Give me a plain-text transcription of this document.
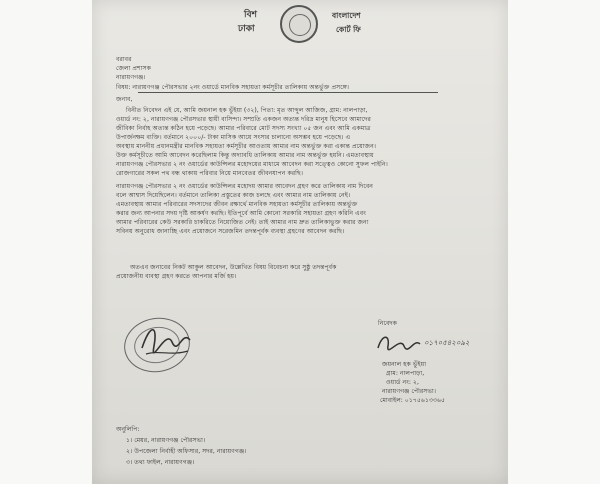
বিশ
ঢাকা
বাংলাদেশ
কোর্ট ফি
বরাবর
জেলা প্রশাসক
নারায়ণগঞ্জ।
বিষয়: নারায়ণগঞ্জ পৌরসভার ২নং ওয়ার্ডে মানবিক সহায়তা কর্মসূচীর তালিকায় অন্তর্ভুক্ত প্রসঙ্গে।
জনাব,
বিনীত নিবেদন এই যে, আমি জয়নাল হক ভুঁইয়া (৩২), পিতা: মৃত আব্দুল আজিজ, গ্রাম: নালপাড়া,
ওয়ার্ড নং: ২, নারায়ণগঞ্জ পৌরসভার স্থায়ী বাসিন্দা। সম্প্রতি একজন অত্যন্ত দরিদ্র মানুষ হিসেবে আমাদের
জীবিকা নির্বাহ অত্যন্ত কঠিন হয়ে পড়েছে। আমার পরিবারে মোট সদস্য সংখ্যা ০৫ জন এবং আমি একমাত্র
উপার্জনক্ষম ব্যক্তি। বর্তমানে ২০০০/- টাকা মাসিক আয়ে সংসার চালানো অসম্ভব হয়ে পড়েছে। এ
অবস্থায় মাননীয় প্রধানমন্ত্রীর মানবিক সহায়তা কর্মসূচীর আওতায় আমার নাম অন্তর্ভুক্ত করা একান্ত প্রয়োজন।
উক্ত কর্মসূচীতে আমি আবেদন করেছিলাম কিন্তু অদ্যাবধি তালিকায় আমার নাম অন্তর্ভুক্ত হয়নি। এমতাবস্থায়
নারায়ণগঞ্জ পৌরসভার ২ নং ওয়ার্ডের কাউন্সিলর মহোদয়ের মাধ্যমে আবেদন করা সত্ত্বেও কোনো সুফল পাইনি।
রোজগারের সকল পথ বন্ধ থাকায় পরিবার নিয়ে মানবেতর জীবনযাপন করছি।
নারায়ণগঞ্জ পৌরসভার ২ নং ওয়ার্ডের কাউন্সিলর মহোদয় আমার আবেদন গ্রহণ করে তালিকায় নাম দিবেন
বলে আশ্বাস দিয়েছিলেন। বর্তমানে তালিকা প্রস্তুতের কাজ চলছে এবং আমার নাম তালিকায় নেই।
এমতাবস্থায় আমার পরিবারের সদস্যদের জীবন রক্ষার্থে মানবিক সহায়তা কর্মসূচীর তালিকায় অন্তর্ভুক্ত
করার জন্য আপনার সদয় দৃষ্টি আকর্ষণ করছি। ইতিপূর্বে আমি কোনো সরকারি সহায়তা গ্রহণ করিনি এবং
আমার পরিবারের কেউ সরকারি চাকরিতে নিয়োজিত নেই। তাই আমার নাম দ্রুত তালিকাভুক্ত করার জন্য
সবিনয় অনুরোধ জানাচ্ছি এবং প্রয়োজনে সরেজমিন তদন্তপূর্বক ব্যবস্থা গ্রহণের আবেদন করছি।
অতএব জনাবের নিকট আকুল আবেদন, উল্লেখিত বিষয় বিবেচনা করে সুষ্ঠু তদন্তপূর্বক
প্রয়োজনীয় ব্যবস্থা গ্রহণ করতে আপনার মর্জি হয়।
নিবেদক
০১৭০৫৪২০৯২
জয়নাল হক ভুঁইয়া
গ্রাম: নালপাড়া,
ওয়ার্ড নং: ২,
নারায়ণগঞ্জ পৌরসভা।
মোবাইল: ০১৭৫৬১৩৩৬৫
অনুলিপি:
১। মেয়র, নারায়ণগঞ্জ পৌরসভা।
২। উপজেলা নির্বাহী অফিসার, সদর, নারায়ণগঞ্জ।
৩। তথ্য ফাইল, নারায়ণগঞ্জ।
